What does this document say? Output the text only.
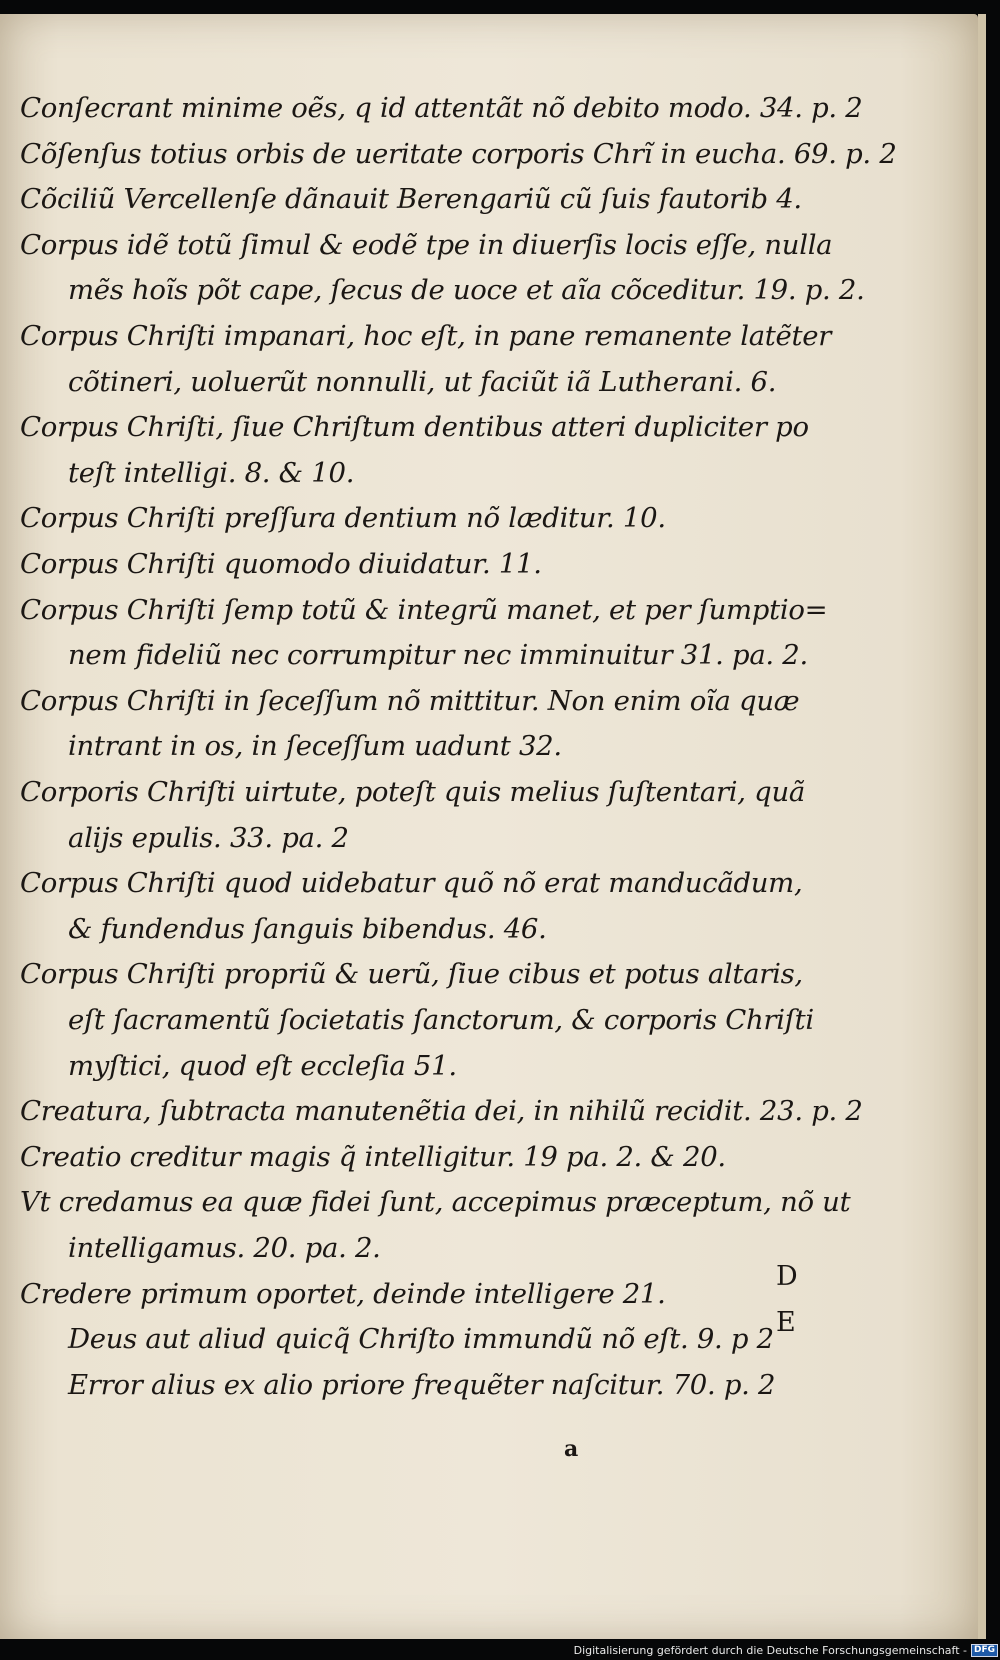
Conſecrant minime oẽs, q id attentãt nõ debito modo. 34. p. 2
Cõſenſus totius orbis de ueritate corporis Chrĩ in eucha. 69. p. 2
Cõciliũ Vercellenſe dãnauit Berengariũ cũ ſuis fautorib 4.
Corpus idẽ totũ ſimul & eodẽ tpe in diuerſis locis eſſe, nulla
mẽs hoĩs põt cape, ſecus de uoce et aĩa cõceditur. 19. p. 2.
Corpus Chriſti impanari, hoc eſt, in pane remanente latẽter
cõtineri, uoluerũt nonnulli, ut faciũt iã Lutherani. 6.
Corpus Chriſti, ſiue Chriſtum dentibus atteri dupliciter po
teſt intelligi. 8. & 10.
Corpus Chriſti preſſura dentium nõ læditur. 10.
Corpus Chriſti quomodo diuidatur. 11.
Corpus Chriſti ſemp totũ & integrũ manet, et per ſumptio=
nem fideliũ nec corrumpitur nec imminuitur 31. pa. 2.
Corpus Chriſti in ſeceſſum nõ mittitur. Non enim oĩa quæ
intrant in os, in ſeceſſum uadunt 32.
Corporis Chriſti uirtute, poteſt quis melius ſuſtentari, quã
alijs epulis. 33. pa. 2
Corpus Chriſti quod uidebatur quõ nõ erat manducãdum,
& fundendus ſanguis bibendus. 46.
Corpus Chriſti propriũ & uerũ, ſiue cibus et potus altaris,
eſt ſacramentũ ſocietatis ſanctorum, & corporis Chriſti
myſtici, quod eſt eccleſia 51.
Creatura, ſubtracta manutenẽtia dei, in nihilũ recidit. 23. p. 2
Creatio creditur magis q̃ intelligitur. 19 pa. 2. & 20.
Vt credamus ea quæ fidei ſunt, accepimus præceptum, nõ ut
intelligamus. 20. pa. 2.
Credere primum oportet, deinde intelligere 21.
Deus aut aliud quicq̃ Chriſto immundũ nõ eſt. 9. p 2
Error alius ex alio priore frequẽter naſcitur. 70. p. 2
D
E
a
Digitalisierung gefördert durch die Deutsche Forschungsgemeinschaft - DFG
